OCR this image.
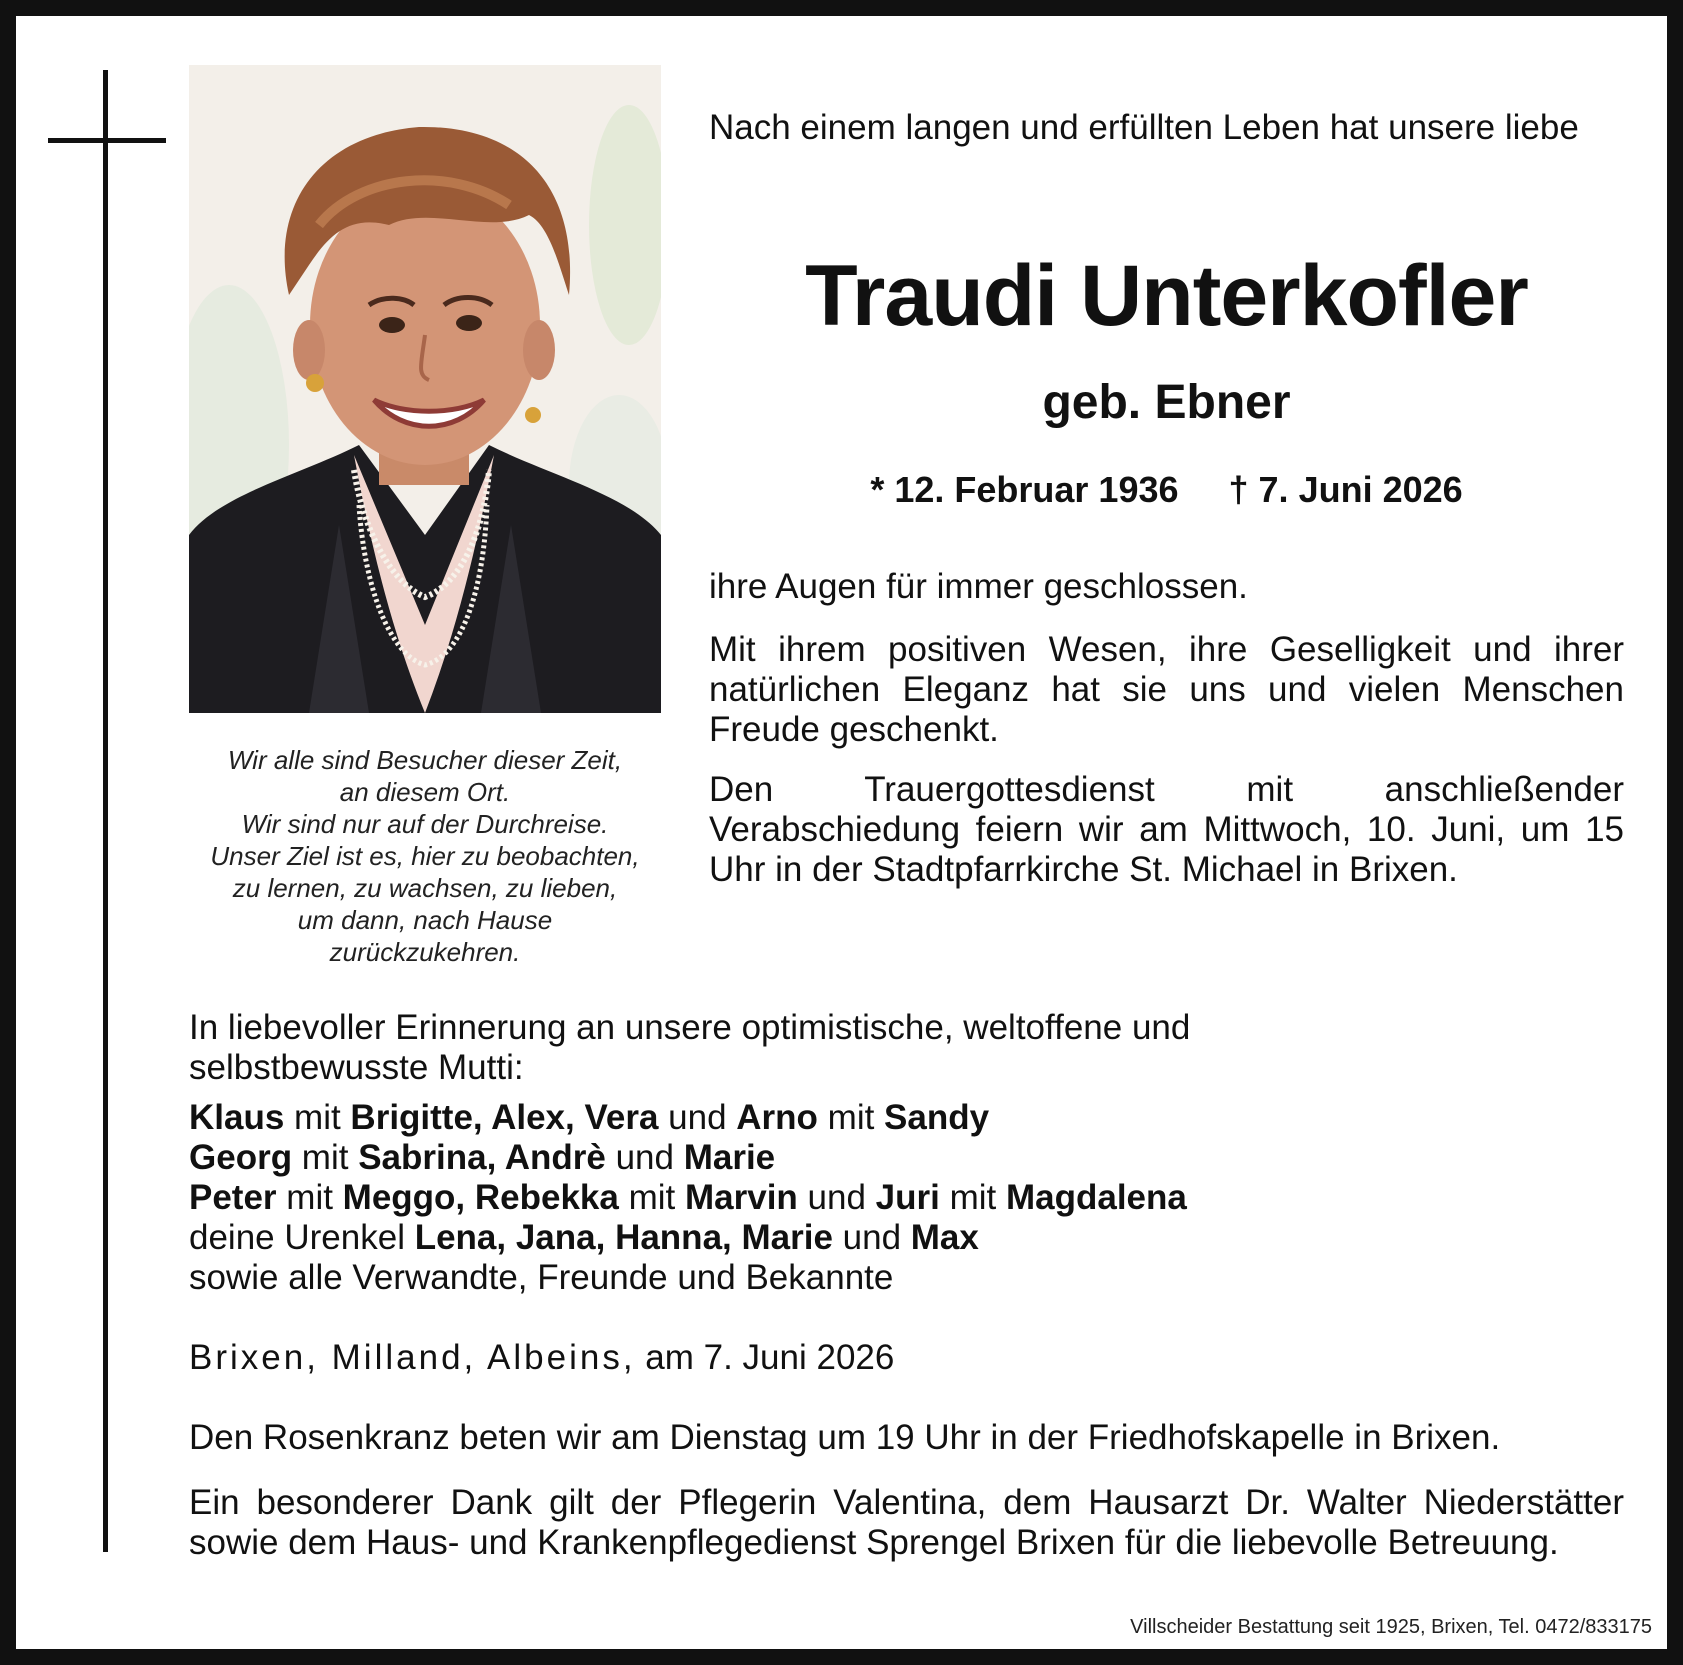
Wir alle sind Besucher dieser Zeit,
an diesem Ort.
Wir sind nur auf der Durchreise.
Unser Ziel ist es, hier zu beobachten,
zu lernen, zu wachsen, zu lieben,
um dann, nach Hause
zurückzukehren.
Nach einem langen und erfüllten Leben hat unsere liebe
Traudi Unterkofler
geb. Ebner
* 12. Februar 1936 † 7. Juni 2026
ihre Augen für immer geschlossen.
Mit ihrem positiven Wesen, ihre Geselligkeit und ihrer natürlichen Eleganz hat sie uns und vielen Menschen Freude geschenkt.
Den Trauergottesdienst mit anschließender Verabschiedung feiern wir am Mittwoch, 10. Juni, um 15 Uhr in der Stadtpfarrkirche St. Michael in Brixen.
In liebevoller Erinnerung an unsere optimistische, weltoffene und selbstbewusste Mutti:
Klaus mit Brigitte, Alex, Vera und Arno mit Sandy
Georg mit Sabrina, Andrè und Marie
Peter mit Meggo, Rebekka mit Marvin und Juri mit Magdalena
deine Urenkel Lena, Jana, Hanna, Marie und Max
sowie alle Verwandte, Freunde und Bekannte
Brixen, Milland, Albeins, am 7. Juni 2026
Den Rosenkranz beten wir am Dienstag um 19 Uhr in der Friedhofskapelle in Brixen.
Ein besonderer Dank gilt der Pflegerin Valentina, dem Hausarzt Dr. Walter Niederstätter sowie dem Haus- und Krankenpflegedienst Sprengel Brixen für die liebevolle Betreuung.
Villscheider Bestattung seit 1925, Brixen, Tel. 0472/833175
